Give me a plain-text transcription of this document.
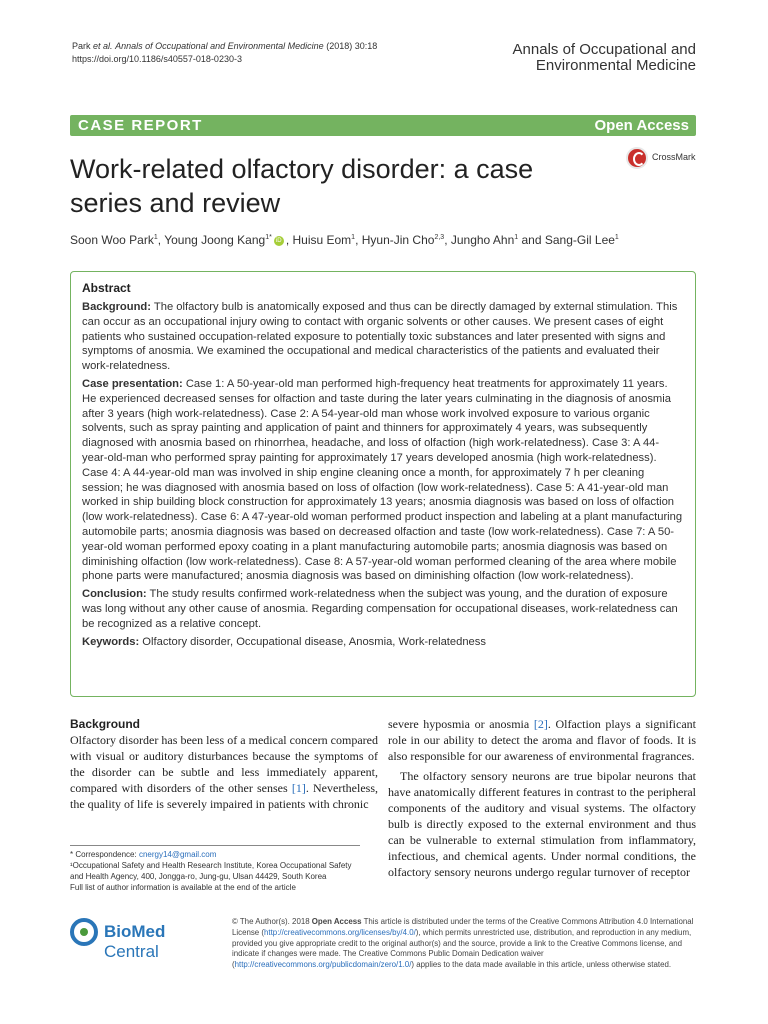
Park et al. Annals of Occupational and Environmental Medicine (2018) 30:18
https://doi.org/10.1186/s40557-018-0230-3
Annals of Occupational and
Environmental Medicine
CASE REPORT	Open Access
Work-related olfactory disorder: a case
series and review
CrossMark
Soon Woo Park$^1$, Young Joong Kang$^{1*}$ iD , Huisu Eom$^1$, Hyun-Jin Cho$^{2,3}$, Jungho Ahn$^1$ and Sang-Gil Lee$^1$
Abstract

Background: The olfactory bulb is anatomically exposed and thus can be directly damaged by external stimulation. This can occur as an occupational injury owing to contact with organic solvents or other causes. We present cases of eight patients who sustained occupation-related exposure to potentially toxic substances and later presented with signs and symptoms of anosmia. We examined the occupational and medical characteristics of the patients and evaluated their work-relatedness.

Case presentation: Case 1: A 50-year-old man performed high-frequency heat treatments for approximately 11 years. He experienced decreased senses for olfaction and taste during the later years culminating in the diagnosis of anosmia after 3 years (high work-relatedness). Case 2: A 54-year-old man whose work involved exposure to various organic solvents, such as spray painting and application of paint and thinners for approximately 4 years, was subsequently diagnosed with anosmia based on rhinorrhea, headache, and loss of olfaction (high work-relatedness). Case 3: A 44-year-old-man who performed spray painting for approximately 17 years developed anosmia (high work-relatedness). Case 4: A 44-year-old man was involved in ship engine cleaning once a month, for approximately 7 h per cleaning session; he was diagnosed with anosmia based on loss of olfaction (low work-relatedness). Case 5: A 41-year-old man worked in ship building block construction for approximately 13 years; anosmia diagnosis was based on loss of olfaction (low work-relatedness). Case 6: A 47-year-old woman performed product inspection and labeling at a plant manufacturing automobile parts; anosmia diagnosis was based on decreased olfaction and taste (low work-relatedness). Case 7: A 50-year-old woman performed epoxy coating in a plant manufacturing automobile parts; anosmia diagnosis was based on diminishing olfaction (low work-relatedness). Case 8: A 57-year-old woman performed cleaning of the area where mobile phone parts were manufactured; anosmia diagnosis was based on diminishing olfaction (low work-relatedness).

Conclusion: The study results confirmed work-relatedness when the subject was young, and the duration of exposure was long without any other cause of anosmia. Regarding compensation for occupational diseases, work-relatedness can be recognized as a relative concept.

Keywords: Olfactory disorder, Occupational disease, Anosmia, Work-relatedness

Background

Olfactory disorder has been less of a medical concern compared with visual or auditory disturbances because the symptoms of the disorder can be subtle and less immediately apparent, compared with disorders of the other senses [1]. Nevertheless, the quality of life is severely impaired in patients with chronic

severe hyposmia or anosmia [2]. Olfaction plays a significant role in our ability to detect the aroma and flavor of foods. It is also responsible for our awareness of environmental fragrances.

The olfactory sensory neurons are true bipolar neurons that have anatomically different features in contrast to the peripheral components of the auditory and visual systems. The olfactory bulb is directly exposed to the external environment and thus can be vulnerable to external stimulation from inflammatory, infectious, and chemical agents. Under normal conditions, the olfactory sensory neurons undergo regular turnover of receptor

* Correspondence: cnergy14@gmail.com

¹Occupational Safety and Health Research Institute, Korea Occupational Safety and Health Agency, 400, Jongga-ro, Jung-gu, Ulsan 44429, South Korea

Full list of author information is available at the end of the article

BioMed Central
© The Author(s). 2018 Open Access This article is distributed under the terms of the Creative Commons Attribution 4.0 International License (http://creativecommons.org/licenses/by/4.0/), which permits unrestricted use, distribution, and reproduction in any medium, provided you give appropriate credit to the original author(s) and the source, provide a link to the Creative Commons license, and indicate if changes were made. The Creative Commons Public Domain Dedication waiver (http://creativecommons.org/publicdomain/zero/1.0/) applies to the data made available in this article, unless otherwise stated.
